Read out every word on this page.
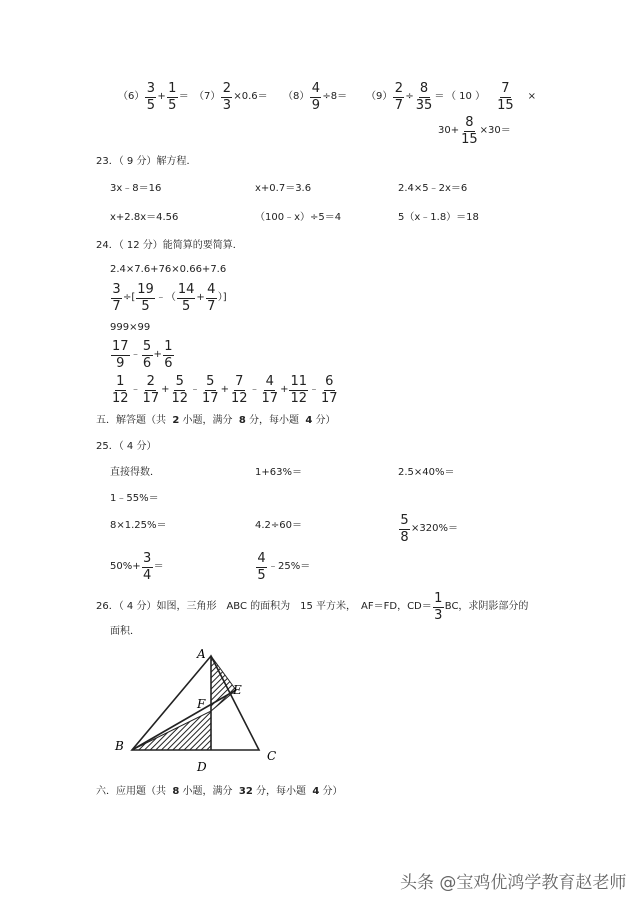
$(6) \frac{3}{5} + \frac{1}{5} = (7) \frac{2}{3} \times 0.6= (8) \frac{4}{9} \div 8= (9) \frac{2}{7} \div \frac{8}{35}$ ＝ （ 10 ） $\frac{7}{15}$ ×
$30+ \frac{8}{15} \times 30=$
23．（ 9 分）解方程．
3x﹣8＝16	x+0.7＝3.6	2.4×5﹣2x＝6
x+2.8x＝4.56	（100﹣x）÷5＝4	5（x﹣1.8）＝18
24．（ 12 分）能简算的要简算．
2.4×7.6+76×0.66+7.6
$\frac{3}{7}$ ÷[ $\frac{19}{5}$ ﹣（ $\frac{14}{5} + \frac{4}{7}$ ）]
999×99
$\frac{17}{9}$ ﹣ $\frac{5}{6} + \frac{1}{6}$
$\frac{1}{12}$ ﹣ $\frac{2}{17} + \frac{5}{12}$ ﹣ $\frac{5}{17} + \frac{7}{12}$ ﹣ $\frac{4}{17} + \frac{11}{12}$ ﹣ $\frac{6}{17}$
五．解答题（共 2 小题，满分 8 分，每小题 4 分）
25．（ 4 分）
直接得数．	1+63%＝	2.5×40%＝
1﹣55%＝
8×1.25%＝	4.2÷60＝	$\frac{5}{8} \times 320\%=$
$50\%+ \frac{3}{4}$ ＝	$\frac{4}{5}$ ﹣25%＝
26．（ 4 分）如图，三角形　ABC 的面积为　15 平方米，　AF＝FD，$CD= \frac{1}{3}$ BC，求阴影部分的
面积．
A
B
C
D
E
F
六．应用题（共 8 小题，满分 32 分，每小题 4 分）
头条 @宝鸡优鸿学教育赵老师
